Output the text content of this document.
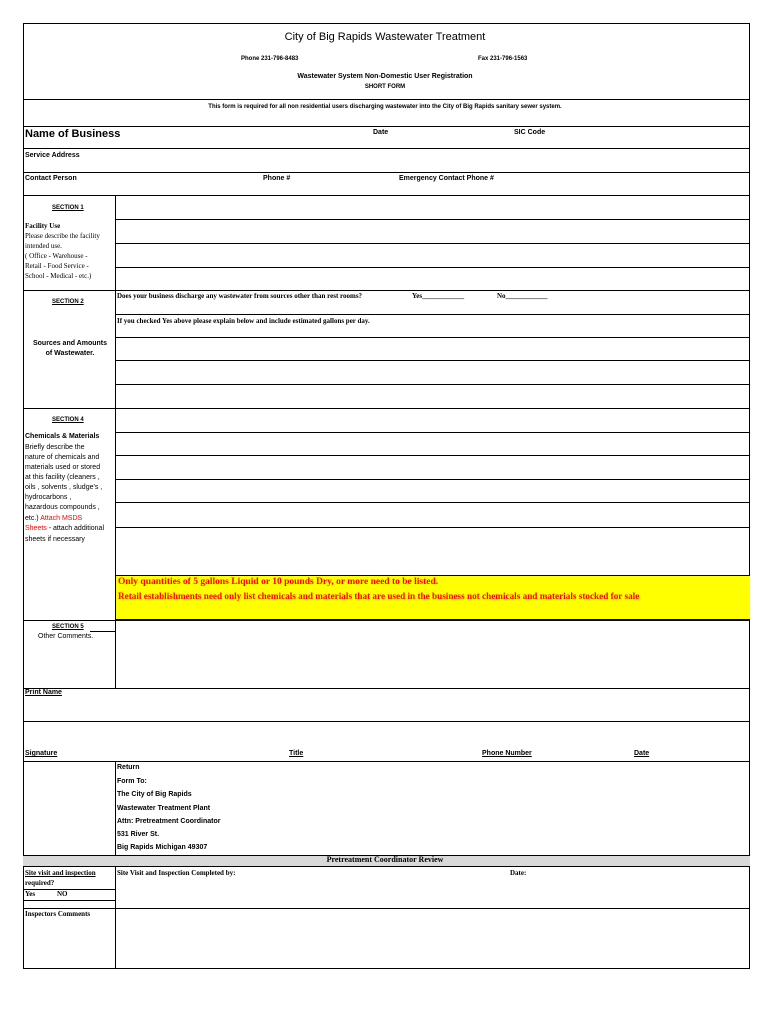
City of Big Rapids Wastewater Treatment
Phone 231-796-8483	Fax 231-796-1563
Wastewater System Non-Domestic User Registration
SHORT FORM
This form is required for all non residential users discharging wastewater into the City of Big Rapids sanitary sewer system.
Name of Business	Date	SIC Code
Service Address
Contact Person	Phone #	Emergency Contact Phone #
SECTION 1
Facility Use
Please describe the facility
intended use.
( Office - Warehouse -
Retail - Food Service -
School - Medical - etc.)
SECTION 2
Does your business discharge any wastewater from sources other than rest rooms?	Yes____________	No____________
If you checked Yes above please explain below and include estimated gallons per day.
Sources and Amounts
of Wastewater.
SECTION 4
Chemicals & Materials
Briefly describe the
nature of chemicals and
materials used or stored
at this facility (cleaners ,
oils , solvents , sludge's ,
hydrocarbons ,
hazardous compounds ,
etc.) Attach MSDS
Sheets - attach additional
sheets if necessary
Only quantities of 5 gallons Liquid or 10 pounds Dry, or more need to be listed.
Retail establishments need only list chemicals and materials that are used in the business not chemicals and materials stocked for sale
SECTION 5
Other Comments.
Print Name
Signature	Title	Phone Number	Date
Return
Form To:
The City of Big Rapids
Wastewater Treatment Plant
Attn: Pretreatment Coordinator
531 River St.
Big Rapids Michigan 49307
Pretreatment Coordinator Review
Site visit and inspection
required?
Yes	NO
Site Visit and Inspection Completed by:	Date:
Inspectors Comments
